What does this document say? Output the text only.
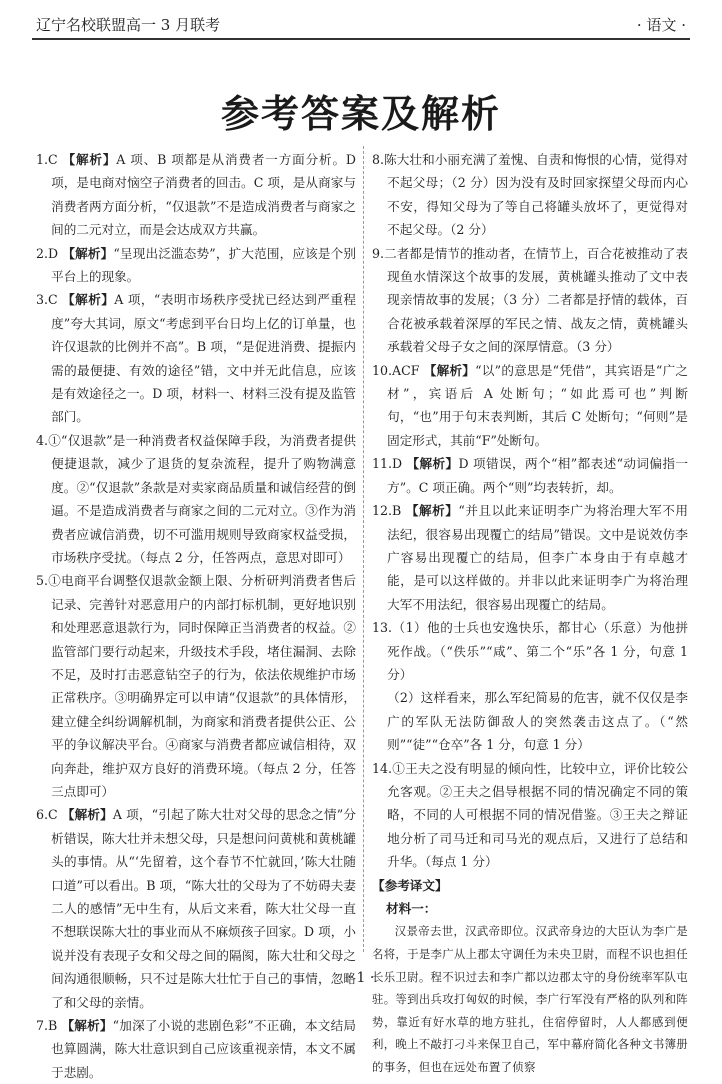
辽宁名校联盟高一 3 月联考	· 语文 ·
参考答案及解析

1.C 【解析】A 项、B 项都是从消费者一方面分析。D 项，是电商对恼空子消费者的回击。C 项，是从商家与消费者两方面分析，“仅退款”不是造成消费者与商家之间的二元对立，而是会达成双方共赢。

2.D 【解析】“呈现出泛滥态势”，扩大范围，应该是个别平台上的现象。

3.C 【解析】A 项，“表明市场秩序受扰已经达到严重程度”夸大其词，原文“考虑到平台日均上亿的订单量，也许仅退款的比例并不高”。B 项，“是促进消费、提振内需的最便捷、有效的途径”错，文中并无此信息，应该是有效途径之一。D 项，材料一、材料三没有提及监管部门。

4.①“仅退款”是一种消费者权益保障手段，为消费者提供便捷退款，减少了退货的复杂流程，提升了购物满意度。②“仅退款”条款是对卖家商品质量和诚信经营的倒逼。不是造成消费者与商家之间的二元对立。③作为消费者应诚信消费，切不可滥用规则导致商家权益受损，市场秩序受扰。（每点 2 分，任答两点，意思对即可）

5.①电商平台调整仅退款金额上限、分析研判消费者售后记录、完善针对恶意用户的内部打标机制，更好地识别和处理恶意退款行为，同时保障正当消费者的权益。②监管部门要行动起来，升级技术手段，堵住漏洞、去除不足，及时打击恶意钻空子的行为，依法依规维护市场正常秩序。③明确界定可以申请“仅退款”的具体情形，建立健全纠纷调解机制，为商家和消费者提供公正、公平的争议解决平台。④商家与消费者都应诚信相待，双向奔赴，维护双方良好的消费环境。（每点 2 分，任答三点即可）

6.C 【解析】A 项，“引起了陈大壮对父母的思念之情”分析错误，陈大壮并未想父母，只是想问问黄桃和黄桃罐头的事情。从“‘先留着，这个春节不忙就回，’陈大壮随口道”可以看出。B 项，“陈大壮的父母为了不妨碍夫妻二人的感情”无中生有，从后文来看，陈大壮父母一直不想联误陈大壮的事业而从不麻烦孩子回家。D 项，小说并没有表现子女和父母之间的隔阂，陈大壮和父母之间沟通很顺畅，只不过是陈大壮忙于自己的事情，忽略了和父母的亲情。

7.B 【解析】“加深了小说的悲剧色彩”不正确，本文结局也算圆满，陈大壮意识到自己应该重视亲情，本文不属于悲剧。

8.陈大壮和小丽充满了羞愧、自责和悔恨的心情，觉得对不起父母；（2 分）因为没有及时回家探望父母而内心不安，得知父母为了等自己将罐头放坏了，更觉得对不起父母。（2 分）

9.二者都是情节的推动者，在情节上，百合花被推动了表现鱼水情深这个故事的发展，黄桃罐头推动了文中表现亲情故事的发展；（3 分）二者都是抒情的载体，百合花被承载着深厚的军民之情、战友之情，黄桃罐头承载着父母子女之间的深厚情意。（3 分）

10.ACF 【解析】“以”的意思是“凭借”，其宾语是“广之材”，宾语后 A 处断句；“如此焉可也”判断句，“也”用于句末表判断，其后 C 处断句；“何则”是固定形式，其前“F”处断句。

11.D 【解析】D 项错误，两个“相”都表述“动词偏指一方”。C 项正确。两个“则”均表转折，却。

12.B 【解析】“并且以此来证明李广为将治理大军不用法纪，很容易出现覆亡的结局”错误。文中是说效仿李广容易出现覆亡的结局，但李广本身由于有卓越才能，是可以这样做的。并非以此来证明李广为将治理大军不用法纪，很容易出现覆亡的结局。

13.（1）他的士兵也安逸快乐，都甘心（乐意）为他拼死作战。（“佚乐”“咸”、第二个“乐”各 1 分，句意 1 分）

（2）这样看来，那么军纪简易的危害，就不仅仅是李广的军队无法防御敌人的突然袭击这点了。（“然则”“徒”“仓卒”各 1 分，句意 1 分）

14.①王夫之没有明显的倾向性，比较中立，评价比较公允客观。②王夫之倡导根据不同的情况确定不同的策略，不同的人可根据不同的情况借鉴。③王夫之辩证地分析了司马迁和司马光的观点后，又进行了总结和升华。（每点 1 分）

【参考译文】

材料一：

汉景帝去世，汉武帝即位。汉武帝身边的大臣认为李广是名将，于是李广从上郡太守调任为未央卫尉，而程不识也担任长乐卫尉。程不识过去和李广都以边郡太守的身份统率军队屯驻。等到出兵攻打匈奴的时候，李广行军没有严格的队列和阵势，靠近有好水草的地方驻扎，住宿停留时，人人都感到便利，晚上不敲打刁斗来保卫自己，军中幕府简化各种文书簿册的事务，但也在远处布置了侦察

· 1 ·
